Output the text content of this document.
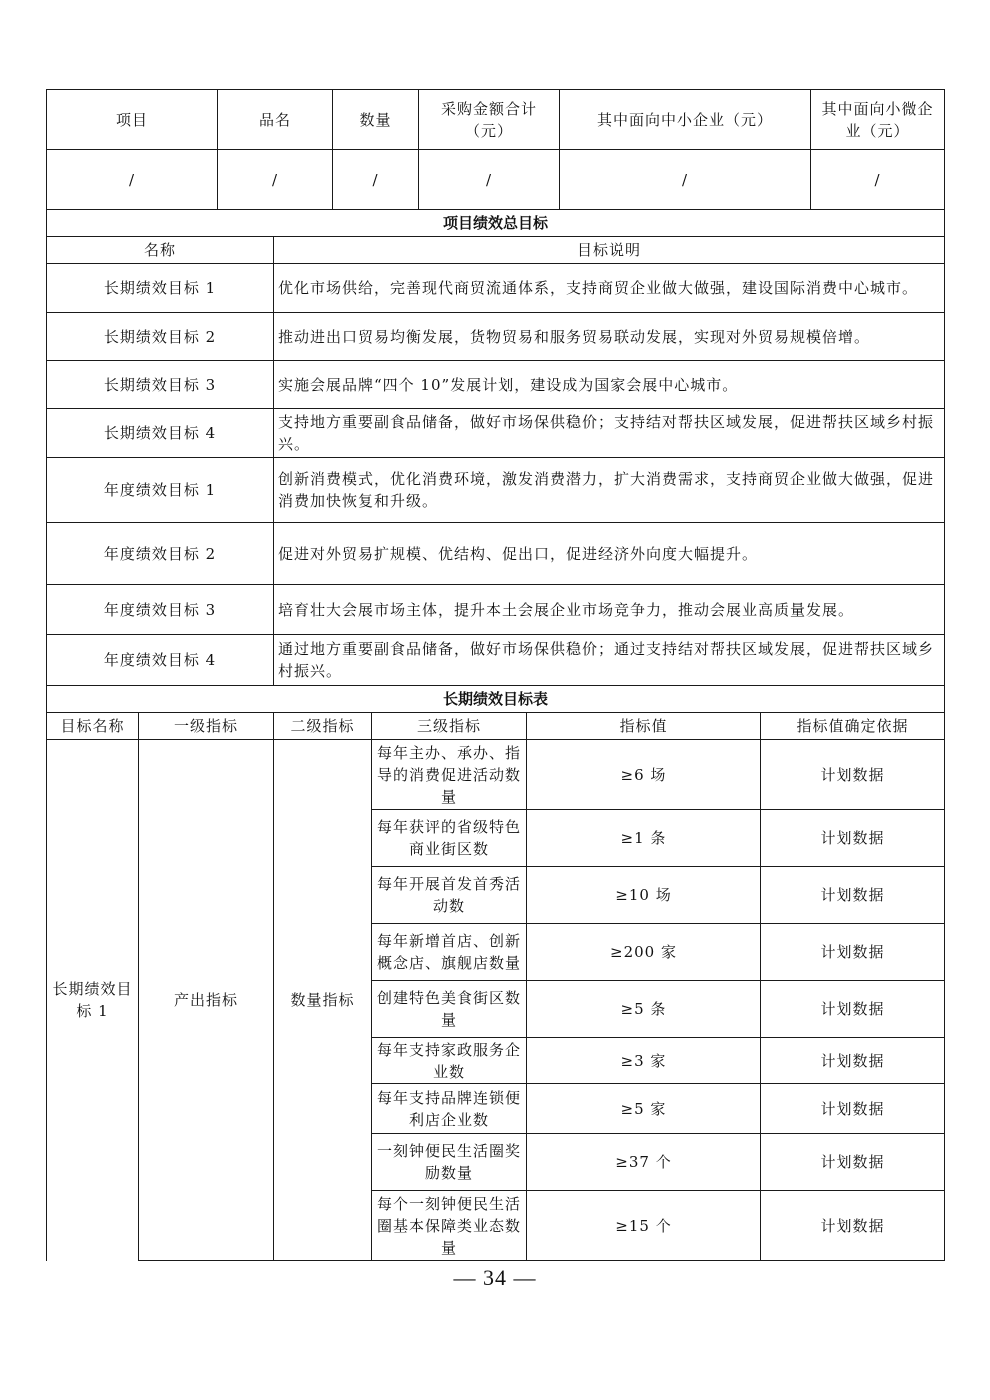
项目	品名	数量	采购金额合计（元）	其中面向中小企业（元）	其中面向小微企业（元）
/	/	/	/	/	/
项目绩效总目标	
名称	目标说明
长期绩效目标 1	优化市场供给，完善现代商贸流通体系，支持商贸企业做大做强，建设国际消费中心城市。
长期绩效目标 2	推动进出口贸易均衡发展，货物贸易和服务贸易联动发展，实现对外贸易规模倍增。
长期绩效目标 3	实施会展品牌“四个 10”发展计划，建设成为国家会展中心城市。
长期绩效目标 4	支持地方重要副食品储备，做好市场保供稳价；支持结对帮扶区域发展，促进帮扶区域乡村振兴。
年度绩效目标 1	创新消费模式，优化消费环境，激发消费潜力，扩大消费需求，支持商贸企业做大做强，促进消费加快恢复和升级。
年度绩效目标 2	促进对外贸易扩规模、优结构、促出口，促进经济外向度大幅提升。
年度绩效目标 3	培育壮大会展市场主体，提升本土会展企业市场竞争力，推动会展业高质量发展。
年度绩效目标 4	通过地方重要副食品储备，做好市场保供稳价；通过支持结对帮扶区域发展，促进帮扶区域乡村振兴。
长期绩效目标表					
目标名称	一级指标	二级指标	三级指标	指标值	指标值确定依据
长期绩效目标 1	产出指标	数量指标	每年主办、承办、指导的消费促进活动数量	≥6 场	计划数据
			每年获评的省级特色商业街区数	≥1 条	计划数据
			每年开展首发首秀活动数	≥10 场	计划数据
			每年新增首店、创新概念店、旗舰店数量	≥200 家	计划数据
			创建特色美食街区数量	≥5 条	计划数据
			每年支持家政服务企业数	≥3 家	计划数据
			每年支持品牌连锁便利店企业数	≥5 家	计划数据
			一刻钟便民生活圈奖励数量	≥37 个	计划数据
			每个一刻钟便民生活圈基本保障类业态数量	≥15 个	计划数据
— 34 —
